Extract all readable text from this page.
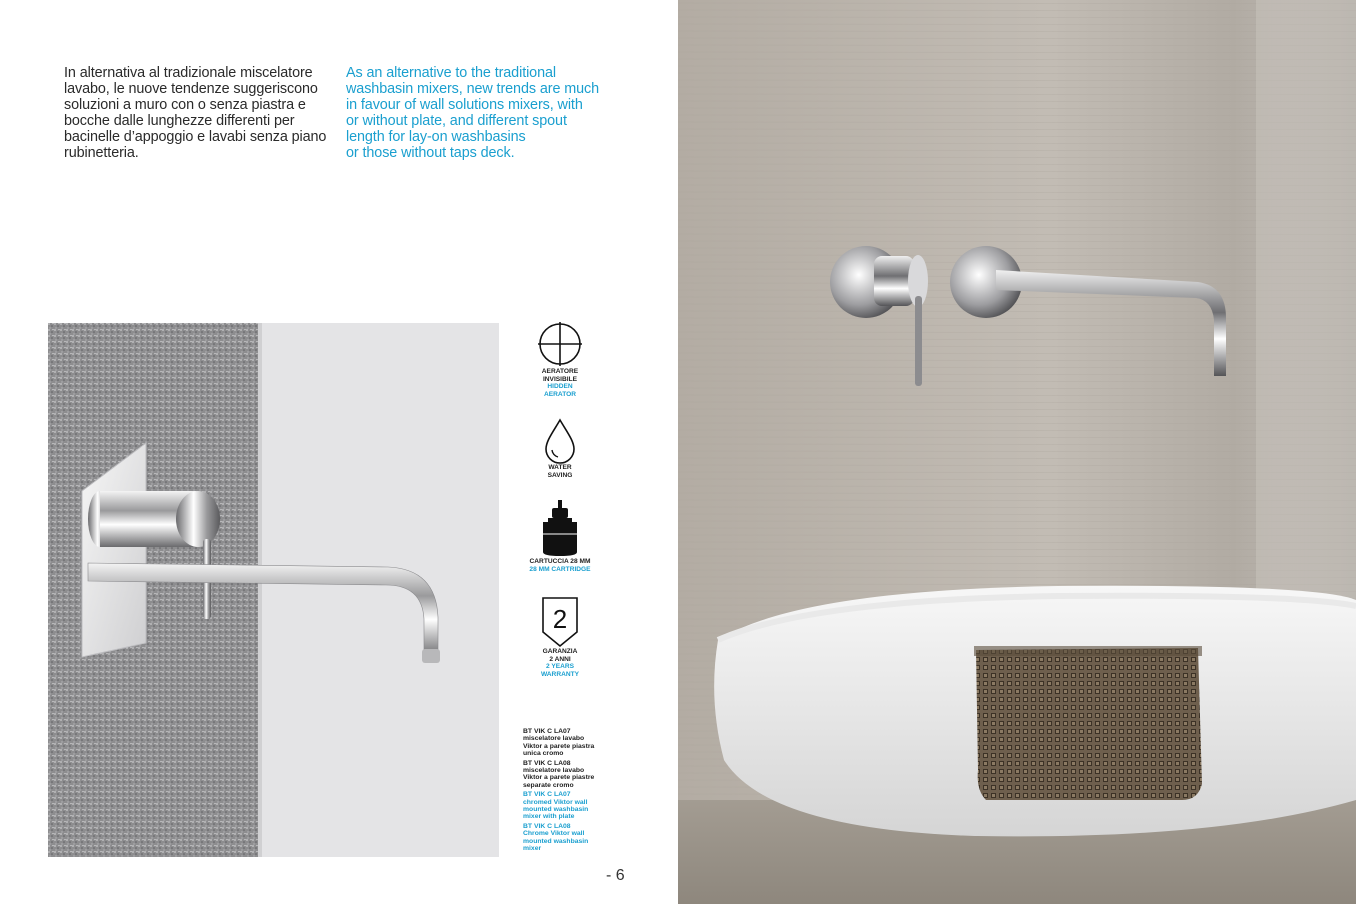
In alternativa al tradizionale miscelatore
lavabo, le nuove tendenze suggeriscono
soluzioni a muro con o senza piastra e
bocche dalle lunghezze differenti per
bacinelle d’appoggio e lavabi senza piano
rubinetteria.
As an alternative to the traditional
washbasin mixers, new trends are much
in favour of wall solutions mixers, with
or without plate, and different spout
length for lay-on washbasins
or those without taps deck.
AERATORE
INVISIBILE
HIDDEN
AERATOR
WATER
SAVING
CARTUCCIA 28 MM
28 MM CARTRIDGE
2
GARANZIA
2 ANNI
2 YEARS
WARRANTY
BT VIK C LA07
miscelatore lavabo
Viktor a parete piastra
unica cromo
BT VIK C LA08
miscelatore lavabo
Viktor a parete piastre
separate cromo
BT VIK C LA07
chromed Viktor wall
mounted washbasin
mixer with plate
BT VIK C LA08
Chrome Viktor wall
mounted washbasin
mixer
- 6
